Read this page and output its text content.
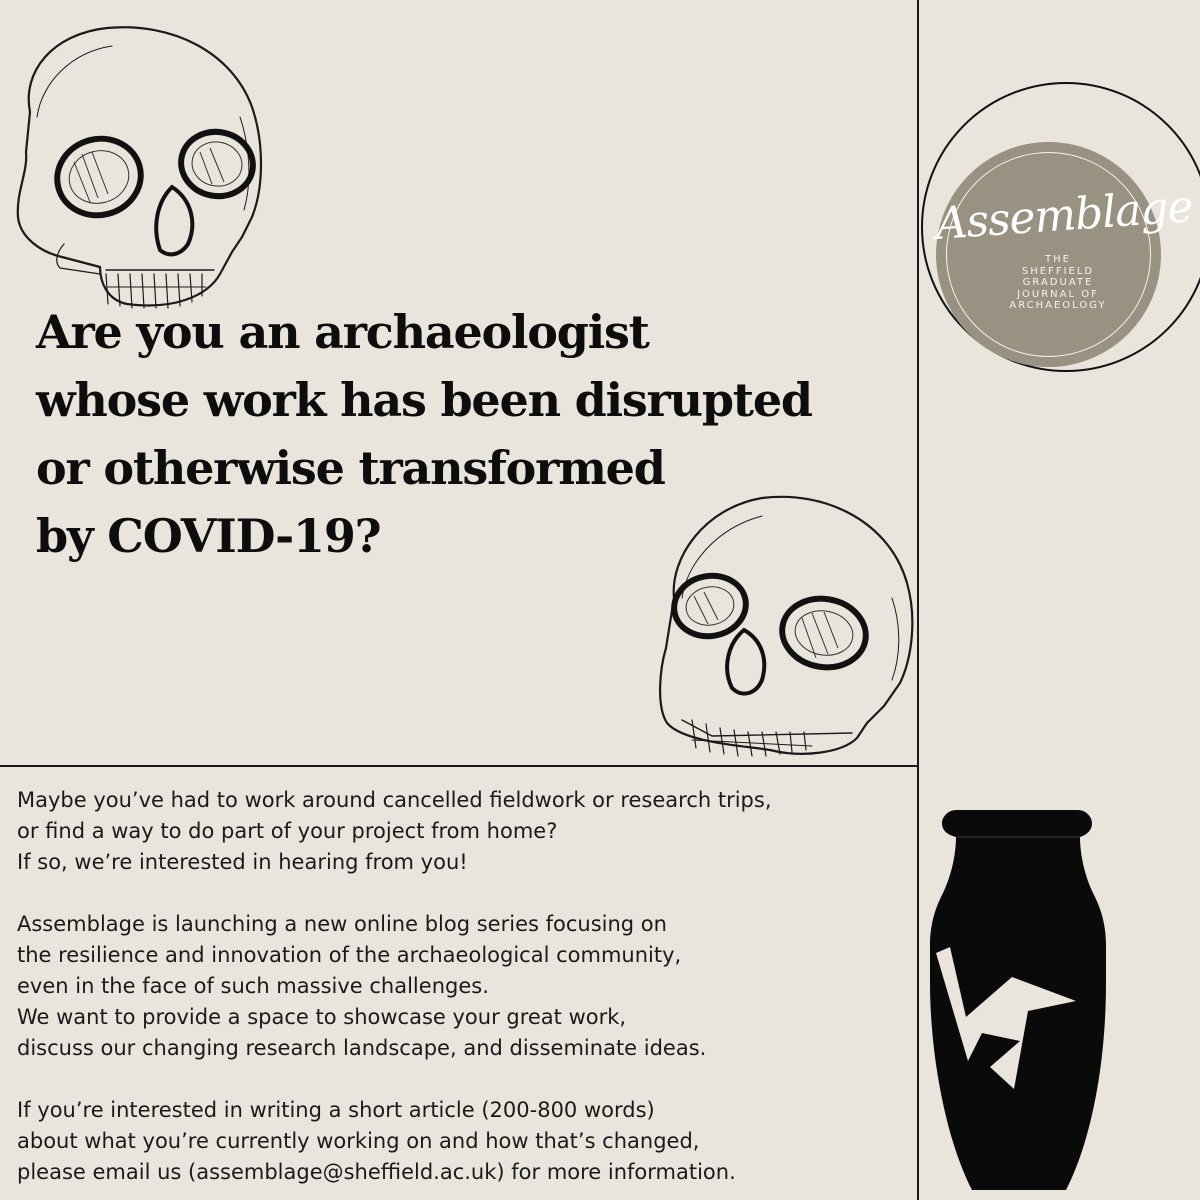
Are you an archaeologist
whose work has been disrupted
or otherwise transformed
by COVID-19?
Assemblage
THE
SHEFFIELD
GRADUATE
JOURNAL OF
ARCHAEOLOGY

Maybe you’ve had to work around cancelled fieldwork or research trips,
or find a way to do part of your project from home?
If so, we’re interested in hearing from you!

Assemblage is launching a new online blog series focusing on
the resilience and innovation of the archaeological community,
even in the face of such massive challenges.
We want to provide a space to showcase your great work,
discuss our changing research landscape, and disseminate ideas.

If you’re interested in writing a short article (200-800 words)
about what you’re currently working on and how that’s changed,
please email us (assemblage@sheffield.ac.uk) for more information.
